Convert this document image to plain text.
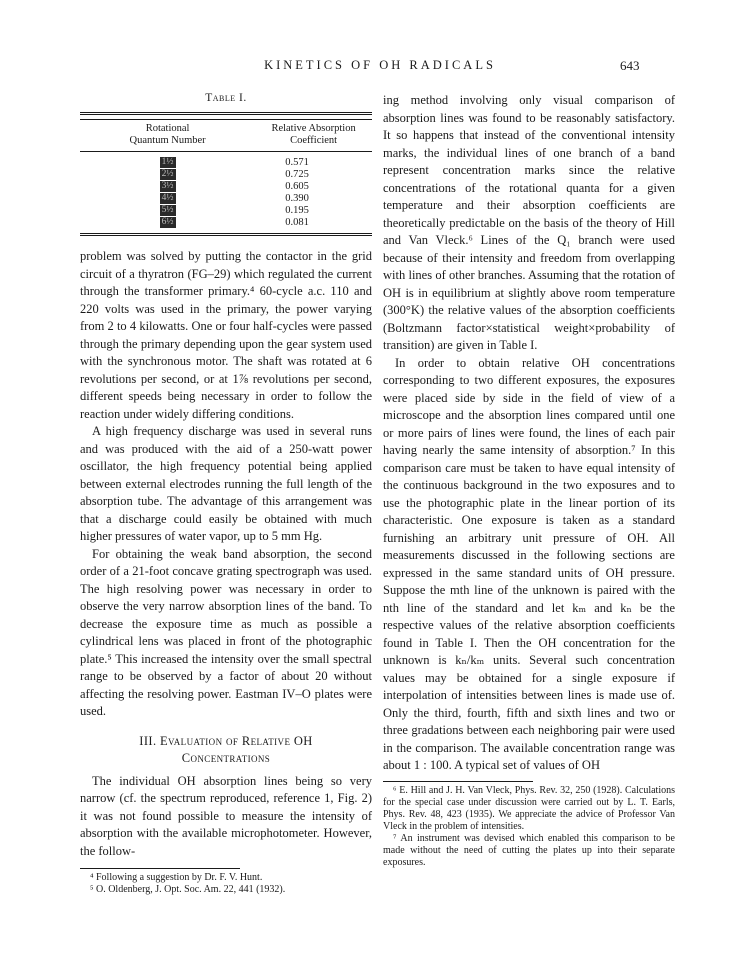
KINETICS OF OH RADICALS	643
Table I.

Rotational
Quantum Number	Relative Absorption
Coefficient
1½	0.571
2½	0.725
3½	0.605
4½	0.390
5½	0.195
6½	0.081

problem was solved by putting the contactor in the grid circuit of a thyratron (FG–29) which regulated the current through the transformer primary.⁴ 60-cycle a.c. 110 and 220 volts was used in the primary, the power varying from 2 to 4 kilowatts. One or four half-cycles were passed through the primary depending upon the gear system used with the synchronous motor. The shaft was rotated at 6 revolutions per second, or at 1⅞ revolutions per second, different speeds being necessary in order to follow the reaction under widely differing conditions.

A high frequency discharge was used in several runs and was produced with the aid of a 250-watt power oscillator, the high frequency potential being applied between external electrodes running the full length of the absorption tube. The advantage of this arrangement was that a discharge could easily be obtained with much higher pressures of water vapor, up to 5 mm Hg.

For obtaining the weak band absorption, the second order of a 21-foot concave grating spectrograph was used. The high resolving power was necessary in order to observe the very narrow absorption lines of the band. To decrease the exposure time as much as possible a cylindrical lens was placed in front of the photographic plate.⁵ This increased the intensity over the small spectral range to be observed by a factor of about 20 without affecting the resolving power. Eastman IV–O plates were used.

III. Evaluation of Relative OH
Concentrations

The individual OH absorption lines being so very narrow (cf. the spectrum reproduced, reference 1, Fig. 2) it was not found possible to measure the intensity of absorption with the available microphotometer. However, the follow-

⁴ Following a suggestion by Dr. F. V. Hunt.

⁵ O. Oldenberg, J. Opt. Soc. Am. 22, 441 (1932).

ing method involving only visual comparison of absorption lines was found to be reasonably satisfactory. It so happens that instead of the conventional intensity marks, the individual lines of one branch of a band represent concentration marks since the relative concentrations of the rotational quanta for a given temperature and their absorption coefficients are theoretically predictable on the basis of the theory of Hill and Van Vleck.⁶ Lines of the Q₁ branch were used because of their intensity and freedom from overlapping with lines of other branches. Assuming that the rotation of OH is in equilibrium at slightly above room temperature (300°K) the relative values of the absorption coefficients (Boltzmann factor×statistical weight×probability of transition) are given in Table I.

In order to obtain relative OH concentrations corresponding to two different exposures, the exposures were placed side by side in the field of view of a microscope and the absorption lines compared until one or more pairs of lines were found, the lines of each pair having nearly the same intensity of absorption.⁷ In this comparison care must be taken to have equal intensity of the continuous background in the two exposures and to use the photographic plate in the linear portion of its characteristic. One exposure is taken as a standard furnishing an arbitrary unit pressure of OH. All measurements discussed in the following sections are expressed in the same standard units of OH pressure. Suppose the mth line of the unknown is paired with the nth line of the standard and let kₘ and kₙ be the respective values of the relative absorption coefficients found in Table I. Then the OH concentration for the unknown is kₙ/kₘ units. Several such concentration values may be obtained for a single exposure if interpolation of intensities between lines is made use of. Only the third, fourth, fifth and sixth lines and two or three gradations between each neighboring pair were used in the comparison. The available concentration range was about 1 : 100. A typical set of values of OH

⁶ E. Hill and J. H. Van Vleck, Phys. Rev. 32, 250 (1928). Calculations for the special case under discussion were carried out by L. T. Earls, Phys. Rev. 48, 423 (1935). We appreciate the advice of Professor Van Vleck in the problem of intensities.

⁷ An instrument was devised which enabled this comparison to be made without the need of cutting the plates up into their separate exposures.
